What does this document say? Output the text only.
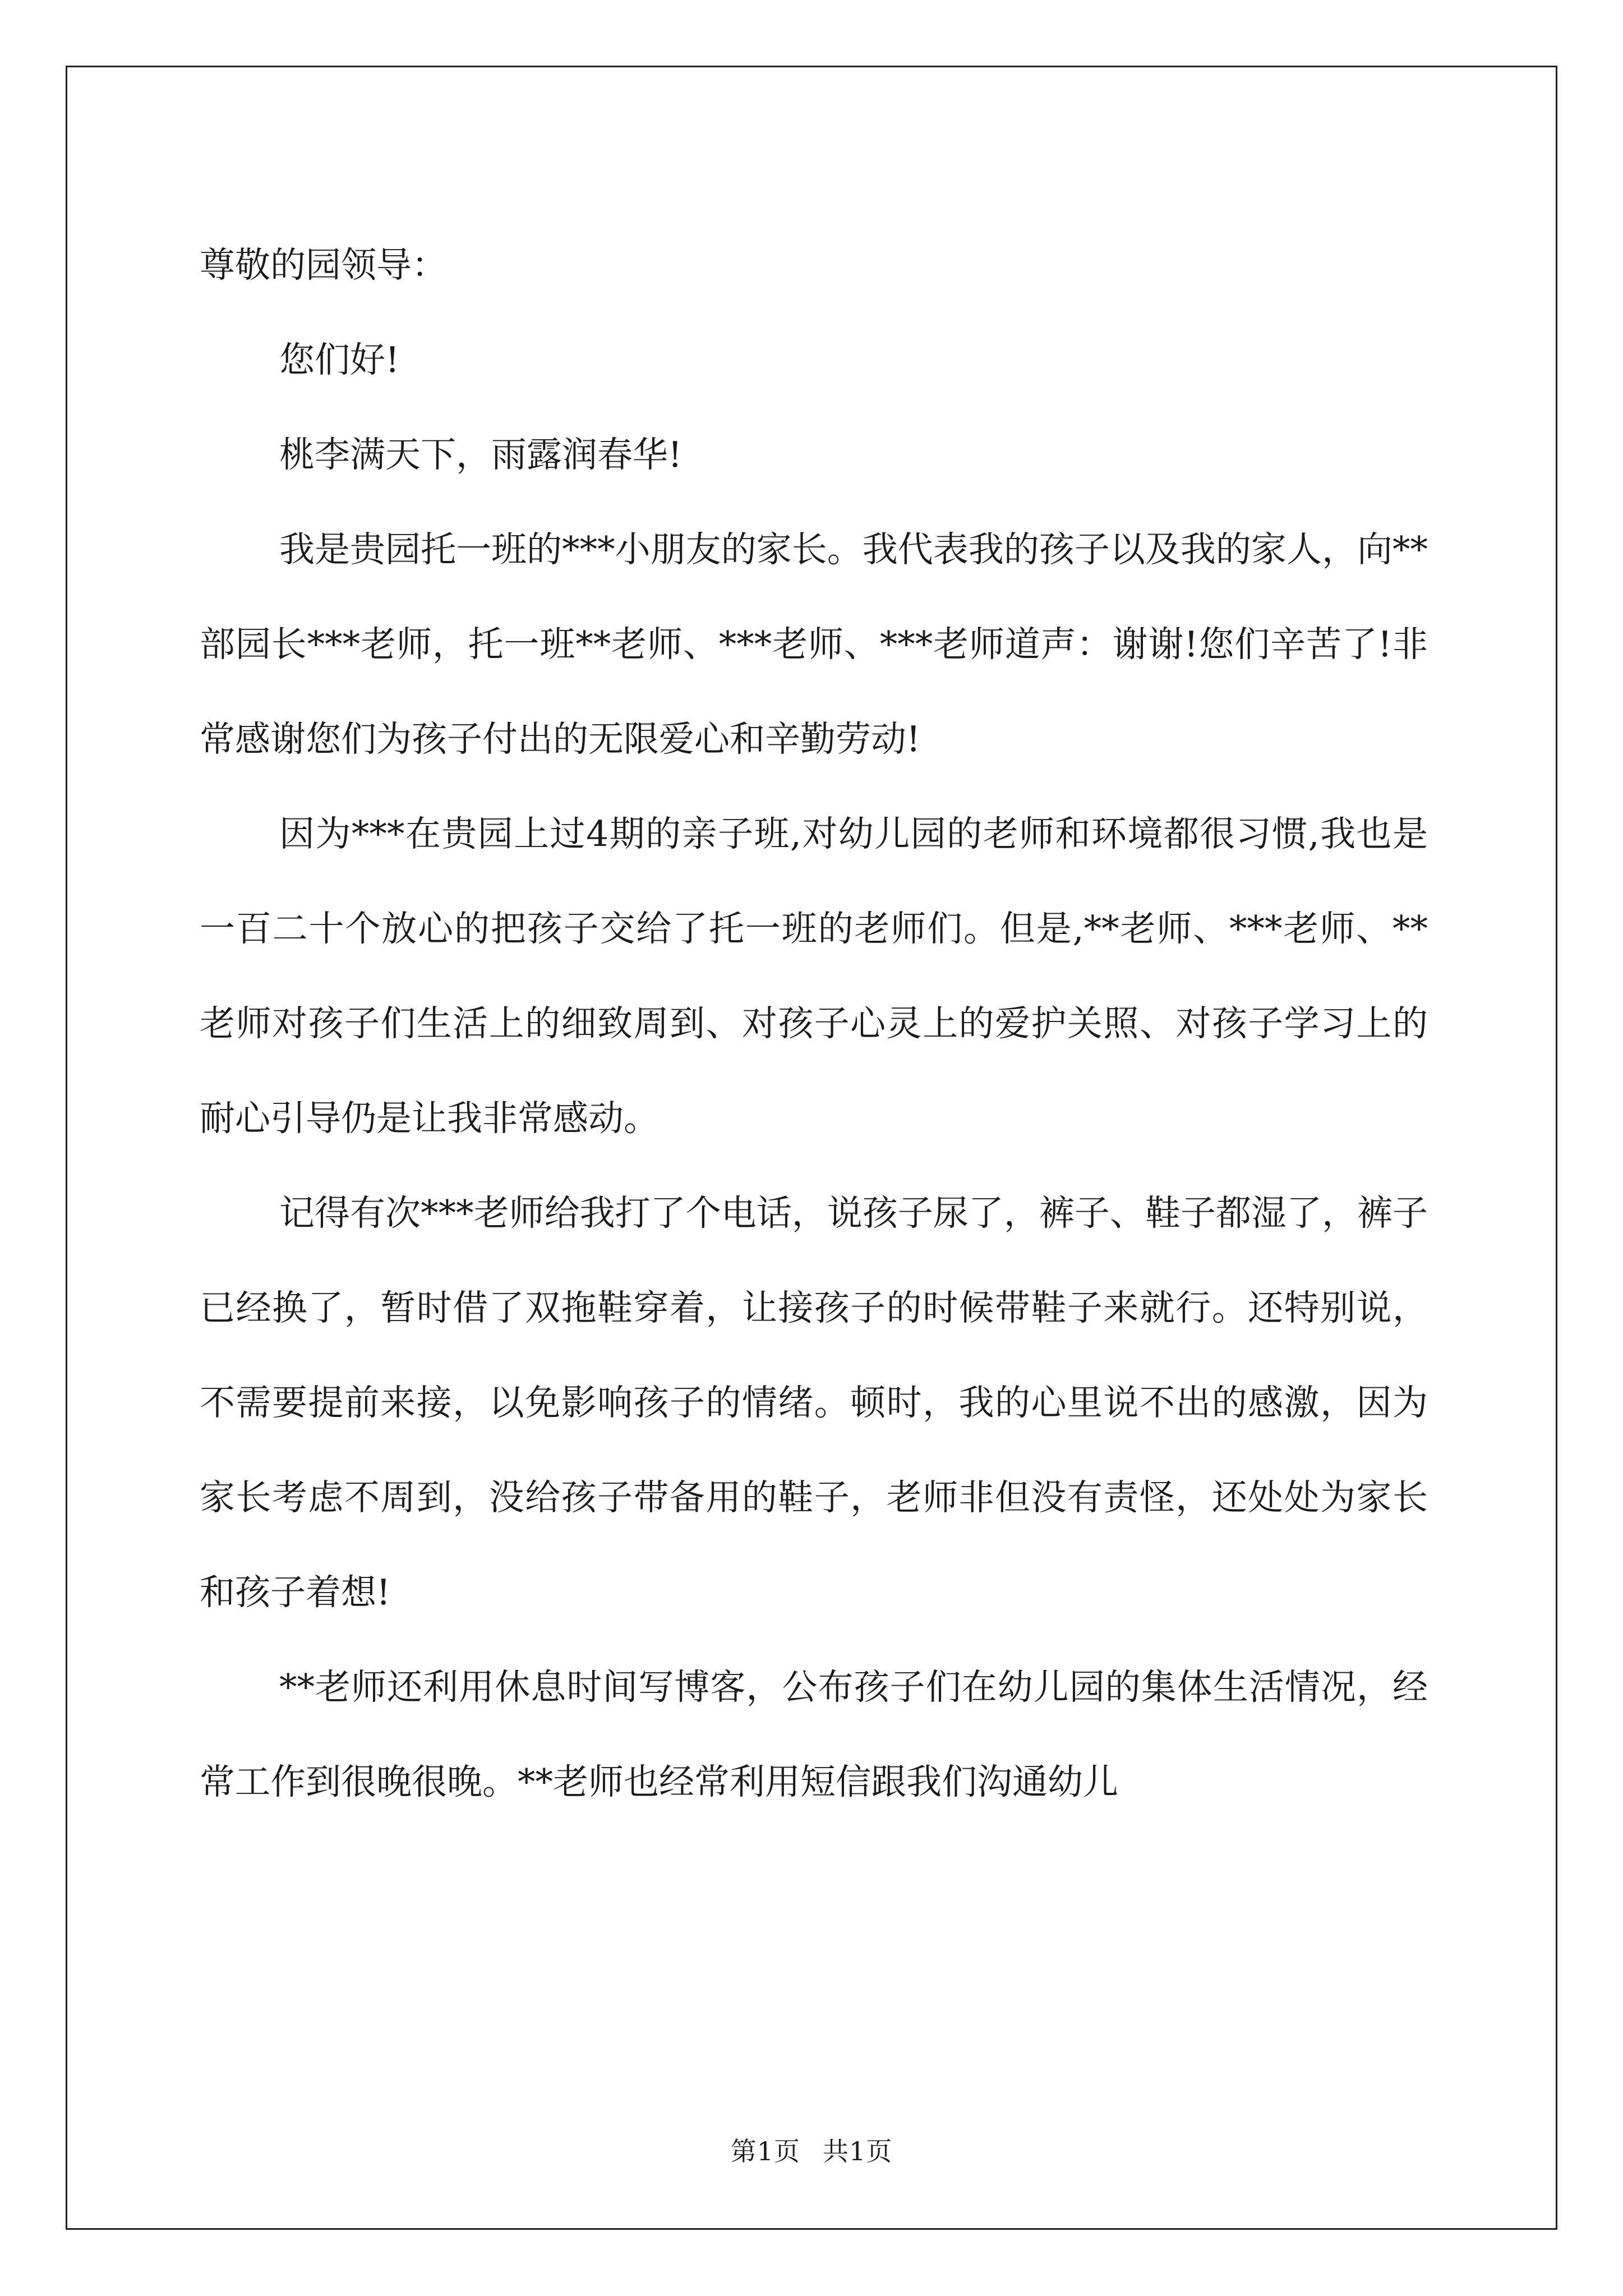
尊敬的园领导：

您们好!

桃李满天下，雨露润春华!

我是贵园托一班的***小朋友的家长。我代表我的孩子以及我的家人，向**部园长***老师，托一班**老师、***老师、***老师道声：谢谢!您们辛苦了!非常感谢您们为孩子付出的无限爱心和辛勤劳动!

因为***在贵园上过4期的亲子班,对幼儿园的老师和环境都很习惯,我也是一百二十个放心的把孩子交给了托一班的老师们。但是,**老师、***老师、**老师对孩子们生活上的细致周到、对孩子心灵上的爱护关照、对孩子学习上的耐心引导仍是让我非常感动。

记得有次***老师给我打了个电话，说孩子尿了，裤子、鞋子都湿了，裤子已经换了，暂时借了双拖鞋穿着，让接孩子的时候带鞋子来就行。还特别说，不需要提前来接，以免影响孩子的情绪。顿时，我的心里说不出的感激，因为家长考虑不周到，没给孩子带备用的鞋子，老师非但没有责怪，还处处为家长和孩子着想!

**老师还利用休息时间写博客，公布孩子们在幼儿园的集体生活情况，经常工作到很晚很晚。**老师也经常利用短信跟我们沟通幼儿

第1页 共1页
